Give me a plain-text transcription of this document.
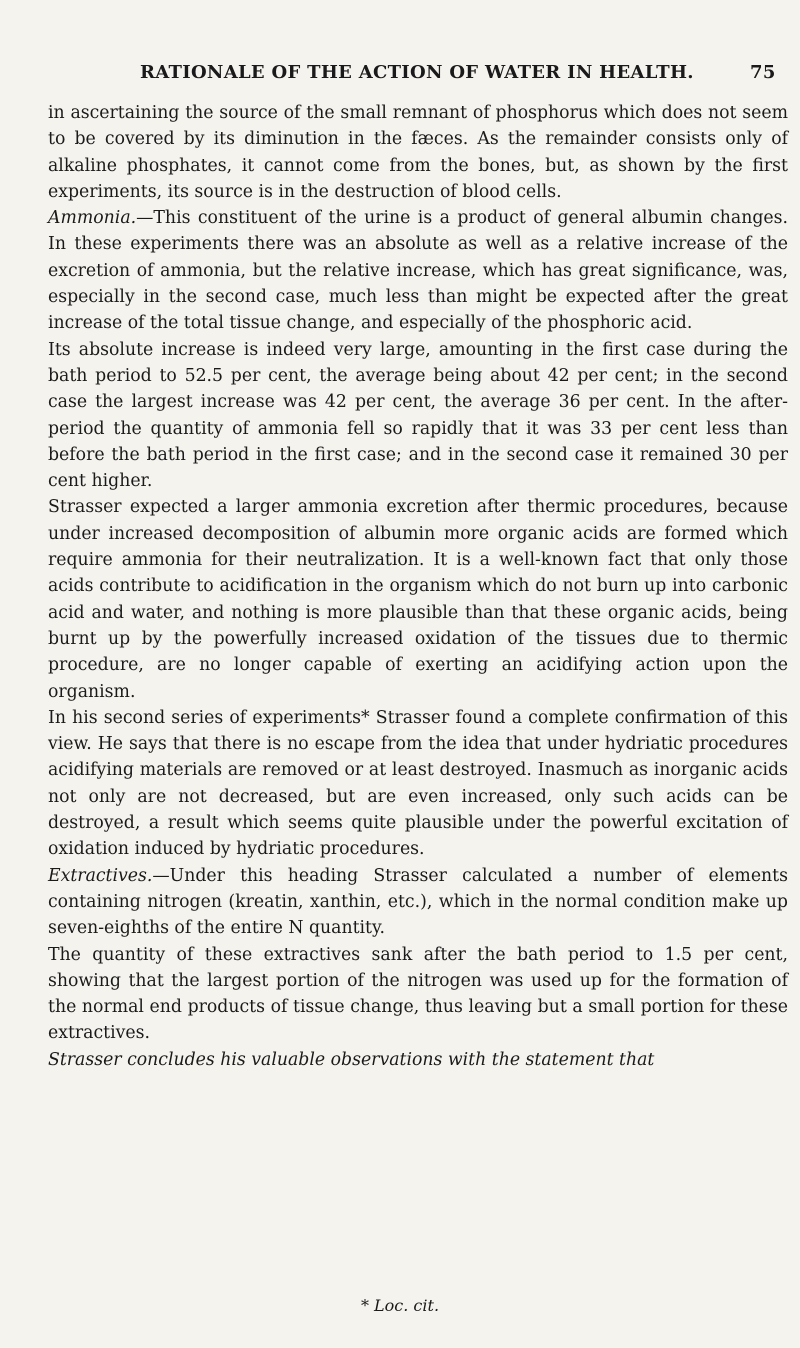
RATIONALE OF THE ACTION OF WATER IN HEALTH.	75

in ascertaining the source of the small remnant of phosphorus which does not seem to be covered by its diminution in the fæces. As the remainder consists only of alkaline phosphates, it cannot come from the bones, but, as shown by the first experiments, its source is in the destruction of blood cells.

Ammonia.—This constituent of the urine is a product of general albumin changes. In these experiments there was an absolute as well as a relative increase of the excretion of ammonia, but the relative increase, which has great significance, was, especially in the second case, much less than might be expected after the great increase of the total tissue change, and especially of the phosphoric acid.

Its absolute increase is indeed very large, amounting in the first case during the bath period to 52.5 per cent, the average being about 42 per cent; in the second case the largest increase was 42 per cent, the average 36 per cent. In the after-period the quantity of ammonia fell so rapidly that it was 33 per cent less than before the bath period in the first case; and in the second case it remained 30 per cent higher.

Strasser expected a larger ammonia excretion after thermic procedures, because under increased decomposition of albumin more organic acids are formed which require ammonia for their neutralization. It is a well-known fact that only those acids contribute to acidification in the organism which do not burn up into carbonic acid and water, and nothing is more plausible than that these organic acids, being burnt up by the powerfully increased oxidation of the tissues due to thermic procedure, are no longer capable of exerting an acidifying action upon the organism.

In his second series of experiments* Strasser found a complete confirmation of this view. He says that there is no escape from the idea that under hydriatic procedures acidifying materials are removed or at least destroyed. Inasmuch as inorganic acids not only are not decreased, but are even increased, only such acids can be destroyed, a result which seems quite plausible under the powerful excitation of oxidation induced by hydriatic procedures.

Extractives.—Under this heading Strasser calculated a number of elements containing nitrogen (kreatin, xanthin, etc.), which in the normal condition make up seven-eighths of the entire N quantity.

The quantity of these extractives sank after the bath period to 1.5 per cent, showing that the largest portion of the nitrogen was used up for the formation of the normal end products of tissue change, thus leaving but a small portion for these extractives.

Strasser concludes his valuable observations with the statement that

* Loc. cit.
